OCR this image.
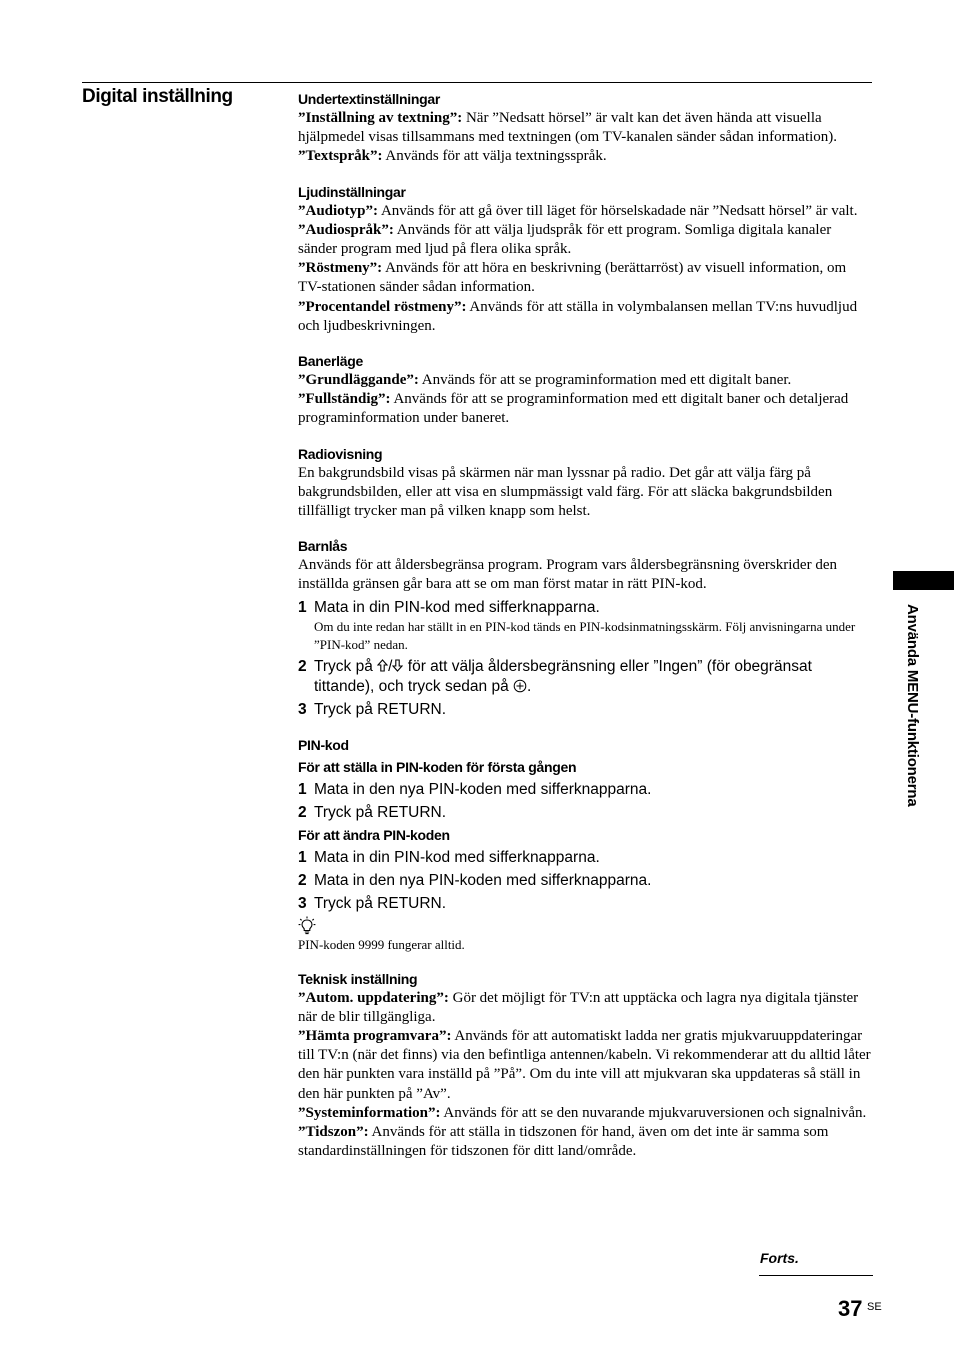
Digital inställning	Undertextinställningar
”Inställning av textning”: När ”Nedsatt hörsel” är valt kan det även hända att visuella hjälpmedel visas tillsammans med textningen (om TV-kanalen sänder sådan information).
”Textspråk”: Används för att välja textningsspråk.
Ljudinställningar
”Audiotyp”: Används för att gå över till läget för hörselskadade när ”Nedsatt hörsel” är valt.
”Audiospråk”: Används för att välja ljudspråk för ett program. Somliga digitala kanaler sänder program med ljud på flera olika språk.
”Röstmeny”: Används för att höra en beskrivning (berättarröst) av visuell information, om TV-stationen sänder sådan information.
”Procentandel röstmeny”: Används för att ställa in volymbalansen mellan TV:ns huvudljud och ljudbeskrivningen.
Banerläge
”Grundläggande”: Används för att se programinformation med ett digitalt baner.
”Fullständig”: Används för att se programinformation med ett digitalt baner och detaljerad programinformation under baneret.
Radiovisning
En bakgrundsbild visas på skärmen när man lyssnar på radio. Det går att välja färg på bakgrundsbilden, eller att visa en slumpmässigt vald färg. För att släcka bakgrundsbilden tillfälligt trycker man på vilken knapp som helst.
Barnlås
Används för att åldersbegränsa program. Program vars åldersbegränsning överskrider den inställda gränsen går bara att se om man först matar in rätt PIN-kod.
1 Mata in din PIN-kod med sifferknapparna.
Om du inte redan har ställt in en PIN-kod tänds en PIN-kodsinmatningsskärm. Följ anvisningarna under ”PIN-kod” nedan.
2 Tryck på / för att välja åldersbegränsning eller ”Ingen” (för obegränsat tittande), och tryck sedan på .
3 Tryck på RETURN.
PIN-kod
För att ställa in PIN-koden för första gången
1 Mata in den nya PIN-koden med sifferknapparna.
2 Tryck på RETURN.
För att ändra PIN-koden
1 Mata in din PIN-kod med sifferknapparna.
2 Mata in den nya PIN-koden med sifferknapparna.
3 Tryck på RETURN.
PIN-koden 9999 fungerar alltid.
Teknisk inställning
”Autom. uppdatering”: Gör det möjligt för TV:n att upptäcka och lagra nya digitala tjänster när de blir tillgängliga.
”Hämta programvara”: Används för att automatiskt ladda ner gratis mjukvaruuppdateringar till TV:n (när det finns) via den befintliga antennen/kabeln. Vi rekommenderar att du alltid låter den här punkten vara inställd på ”På”. Om du inte vill att mjukvaran ska uppdateras så ställ in den här punkten på ”Av”.
”Systeminformation”: Används för att se den nuvarande mjukvaruversionen och signalnivån.
”Tidszon”: Används för att ställa in tidszonen för hand, även om det inte är samma som standardinställningen för tidszonen för ditt land/område.
Forts.
37 SE
Använda MENU-funktionerna
